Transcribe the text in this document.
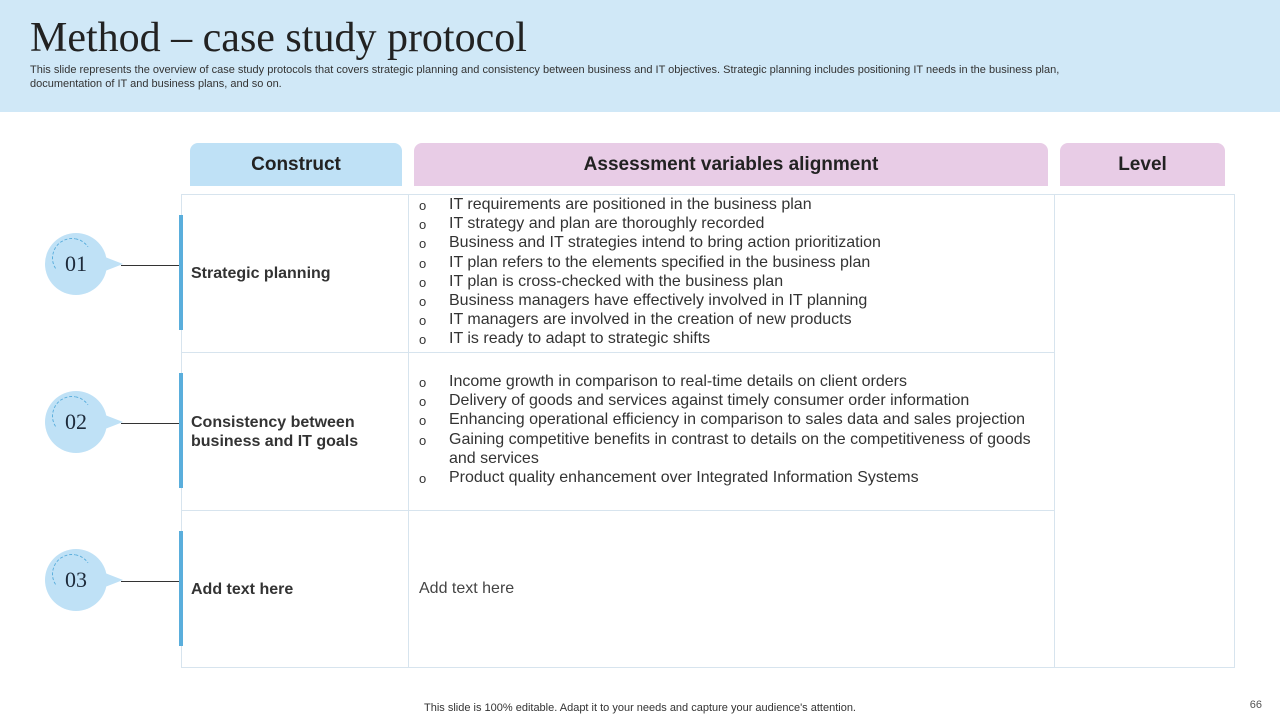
Method – case study protocol
This slide represents the overview of case study protocols that covers strategic planning and consistency between business and IT objectives. Strategic planning includes positioning IT needs in the business plan, documentation of IT and business plans, and so on.
Construct	Assessment variables alignment	Level
01	Strategic planning
o IT requirements are positioned in the business plan
o IT strategy and plan are thoroughly recorded
o Business and IT strategies intend to bring action prioritization
o IT plan refers to the elements specified in the business plan
o IT plan is cross-checked with the business plan
o Business managers have effectively involved in IT planning
o IT managers are involved in the creation of new products
o IT is ready to adapt to strategic shifts
02	Consistency between business and IT goals
o Income growth in comparison to real-time details on client orders
o Delivery of goods and services against timely consumer order information
o Enhancing operational efficiency in comparison to sales data and sales projection
o Gaining competitive benefits in contrast to details on the competitiveness of goods and services
o Product quality enhancement over Integrated Information Systems
03	Add text here	Add text here
This slide is 100% editable. Adapt it to your needs and capture your audience's attention.	66
